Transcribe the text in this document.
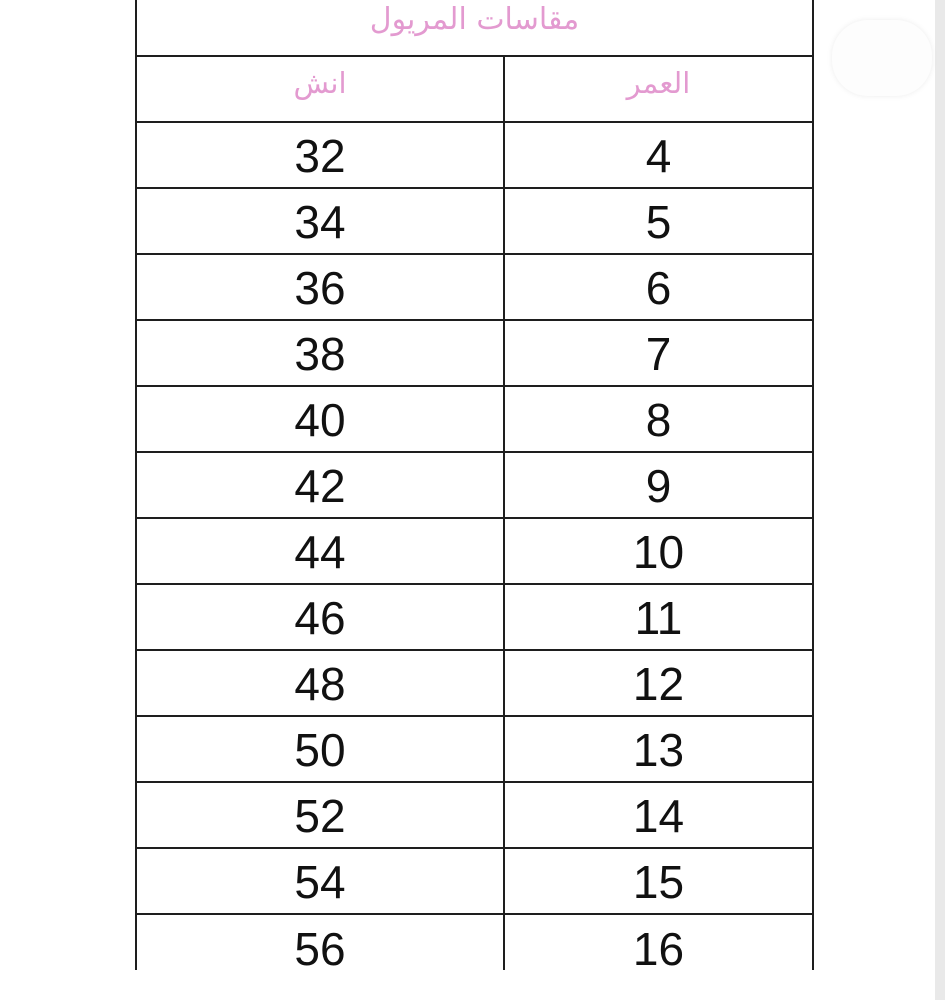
مقاسات المريول
انش	العمر
32	4
34	5
36	6
38	7
40	8
42	9
44	10
46	11
48	12
50	13
52	14
54	15
56	16
